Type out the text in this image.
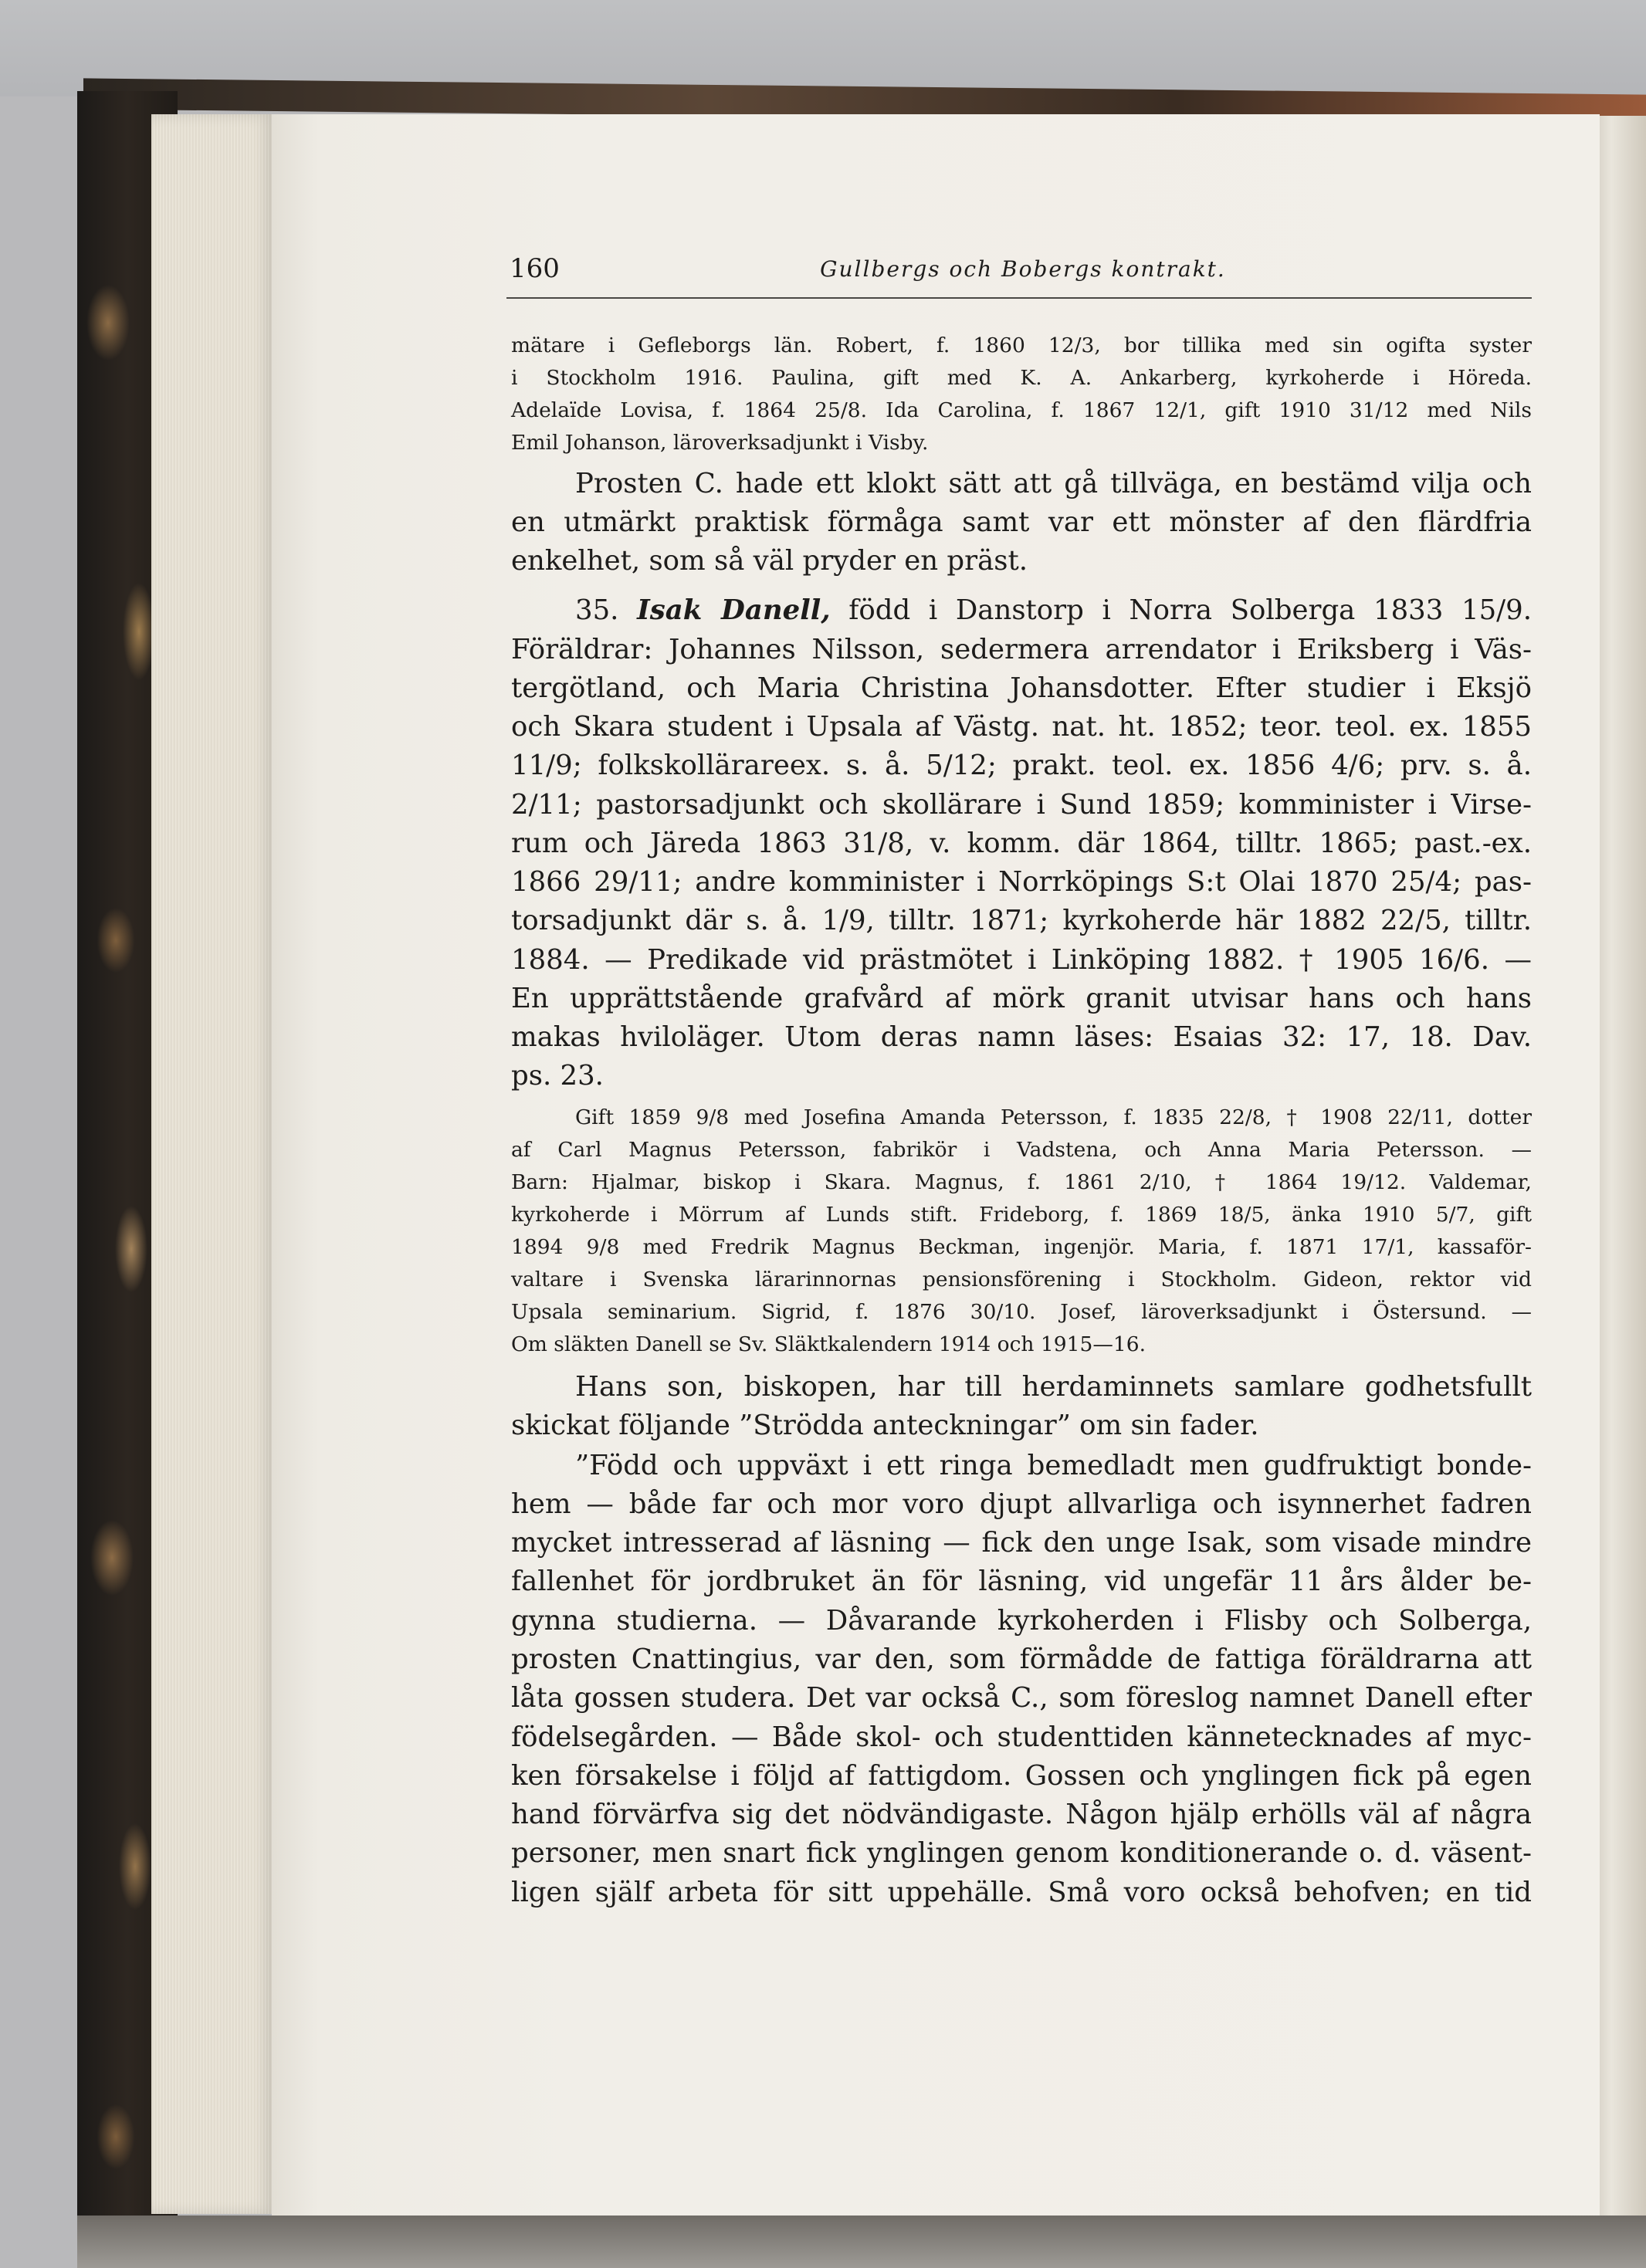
160	Gullbergs och Bobergs kontrakt.
mätare i Gefleborgs län. Robert, f. 1860 12/3, bor tillika med sin ogifta syster
i Stockholm 1916. Paulina, gift med K. A. Ankarberg, kyrkoherde i Höreda.
Adelaïde Lovisa, f. 1864 25/8. Ida Carolina, f. 1867 12/1, gift 1910 31/12 med Nils
Emil Johanson, läroverksadjunkt i Visby.
Prosten C. hade ett klokt sätt att gå tillväga, en bestämd vilja och
en utmärkt praktisk förmåga samt var ett mönster af den flärdfria
enkelhet, som så väl pryder en präst.
35. Isak Danell, född i Danstorp i Norra Solberga 1833 15/9.
Föräldrar: Johannes Nilsson, sedermera arrendator i Eriksberg i Väs-
tergötland, och Maria Christina Johansdotter. Efter studier i Eksjö
och Skara student i Upsala af Västg. nat. ht. 1852; teor. teol. ex. 1855
11/9; folkskollärareex. s. å. 5/12; prakt. teol. ex. 1856 4/6; prv. s. å.
2/11; pastorsadjunkt och skollärare i Sund 1859; komminister i Virse-
rum och Järeda 1863 31/8, v. komm. där 1864, tilltr. 1865; past.-ex.
1866 29/11; andre komminister i Norrköpings S:t Olai 1870 25/4; pas-
torsadjunkt där s. å. 1/9, tilltr. 1871; kyrkoherde här 1882 22/5, tilltr.
1884. — Predikade vid prästmötet i Linköping 1882. † 1905 16/6. —
En upprättstående grafvård af mörk granit utvisar hans och hans
makas hviloläger. Utom deras namn läses: Esaias 32: 17, 18. Dav.
ps. 23.
Gift 1859 9/8 med Josefina Amanda Petersson, f. 1835 22/8, † 1908 22/11, dotter
af Carl Magnus Petersson, fabrikör i Vadstena, och Anna Maria Petersson. —
Barn: Hjalmar, biskop i Skara. Magnus, f. 1861 2/10, † 1864 19/12. Valdemar,
kyrkoherde i Mörrum af Lunds stift. Frideborg, f. 1869 18/5, änka 1910 5/7, gift
1894 9/8 med Fredrik Magnus Beckman, ingenjör. Maria, f. 1871 17/1, kassaför-
valtare i Svenska lärarinnornas pensionsförening i Stockholm. Gideon, rektor vid
Upsala seminarium. Sigrid, f. 1876 30/10. Josef, läroverksadjunkt i Östersund. —
Om släkten Danell se Sv. Släktkalendern 1914 och 1915—16.
Hans son, biskopen, har till herdaminnets samlare godhetsfullt
skickat följande ”Strödda anteckningar” om sin fader.
”Född och uppväxt i ett ringa bemedladt men gudfruktigt bonde-
hem — både far och mor voro djupt allvarliga och isynnerhet fadren
mycket intresserad af läsning — fick den unge Isak, som visade mindre
fallenhet för jordbruket än för läsning, vid ungefär 11 års ålder be-
gynna studierna. — Dåvarande kyrkoherden i Flisby och Solberga,
prosten Cnattingius, var den, som förmådde de fattiga föräldrarna att
låta gossen studera. Det var också C., som föreslog namnet Danell efter
födelsegården. — Både skol- och studenttiden kännetecknades af myc-
ken försakelse i följd af fattigdom. Gossen och ynglingen fick på egen
hand förvärfva sig det nödvändigaste. Någon hjälp erhölls väl af några
personer, men snart fick ynglingen genom konditionerande o. d. väsent-
ligen själf arbeta för sitt uppehälle. Små voro också behofven; en tid
